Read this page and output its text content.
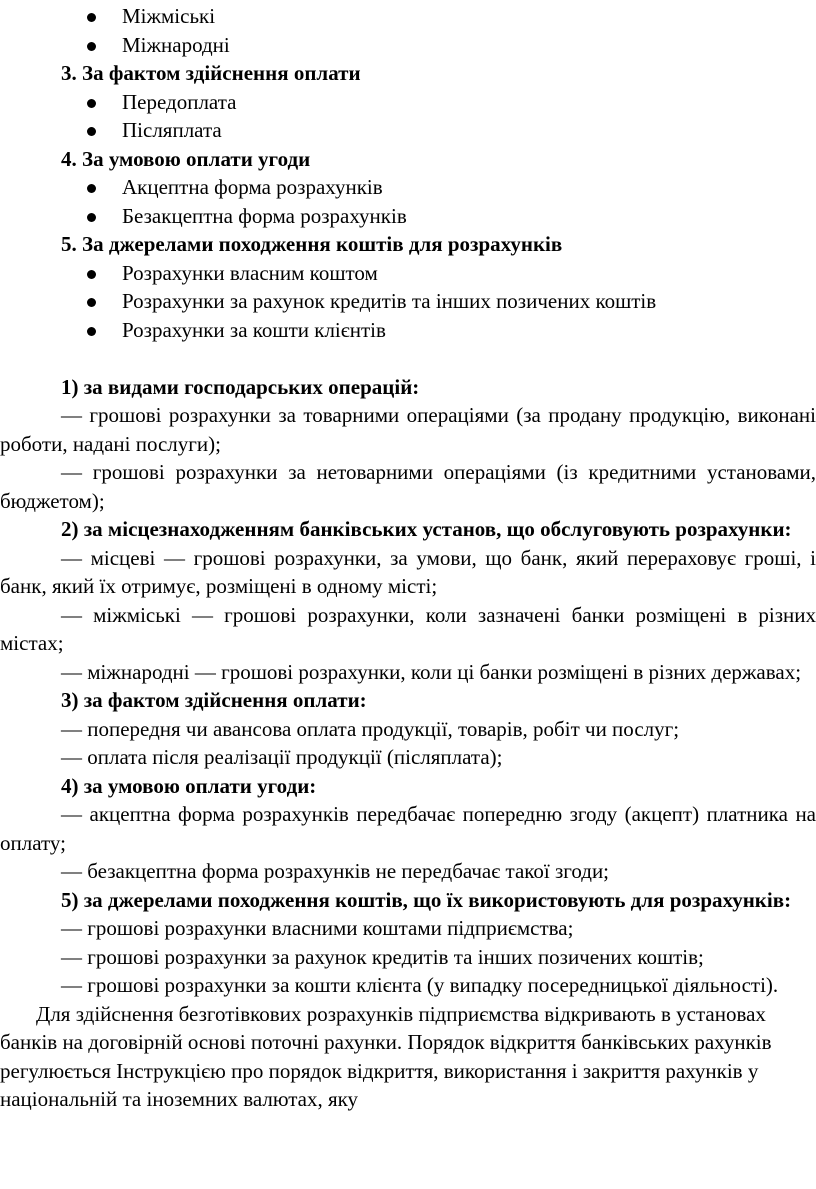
Міжміські
Міжнародні
3. За фактом здійснення оплати
Передоплата
Післяплата
4. За умовою оплати угоди
Акцептна форма розрахунків
Безакцептна форма розрахунків
5. За джерелами походження коштів для розрахунків
Розрахунки власним коштом
Розрахунки за рахунок кредитів та інших позичених коштів
Розрахунки за кошти клієнтів

1) за видами господарських операцій:

— грошові розрахунки за товарними операціями (за продану продукцію, виконані роботи, надані послуги);

— грошові розрахунки за нетоварними операціями (із кредитними установами, бюджетом);

2) за місцезнаходженням банківських установ, що обслуговують розрахунки:

— місцеві — грошові розрахунки, за умови, що банк, який перераховує гроші, і банк, який їх отримує, розміщені в одному місті;

— міжміські — грошові розрахунки, коли зазначені банки розміщені в різних містах;

— міжнародні — грошові розрахунки, коли ці банки розміщені в різних державах;

3) за фактом здійснення оплати:

— попередня чи авансова оплата продукції, товарів, робіт чи послуг;

— оплата після реалізації продукції (післяплата);

4) за умовою оплати угоди:

— акцептна форма розрахунків передбачає попередню згоду (акцепт) платника на оплату;

— безакцептна форма розрахунків не передбачає такої згоди;

5) за джерелами походження коштів, що їх використовують для розрахунків:

— грошові розрахунки власними коштами підприємства;

— грошові розрахунки за рахунок кредитів та інших позичених коштів;

— грошові розрахунки за кошти клієнта (у випадку посередницької діяльності).

Для здійснення безготівкових розрахунків підприємства відкривають в установах банків на договірній основі поточні рахунки. Порядок відкриття банківських рахунків регулюється Інструкцією про порядок відкриття, використання і закриття рахунків у національній та іноземних валютах, яку
